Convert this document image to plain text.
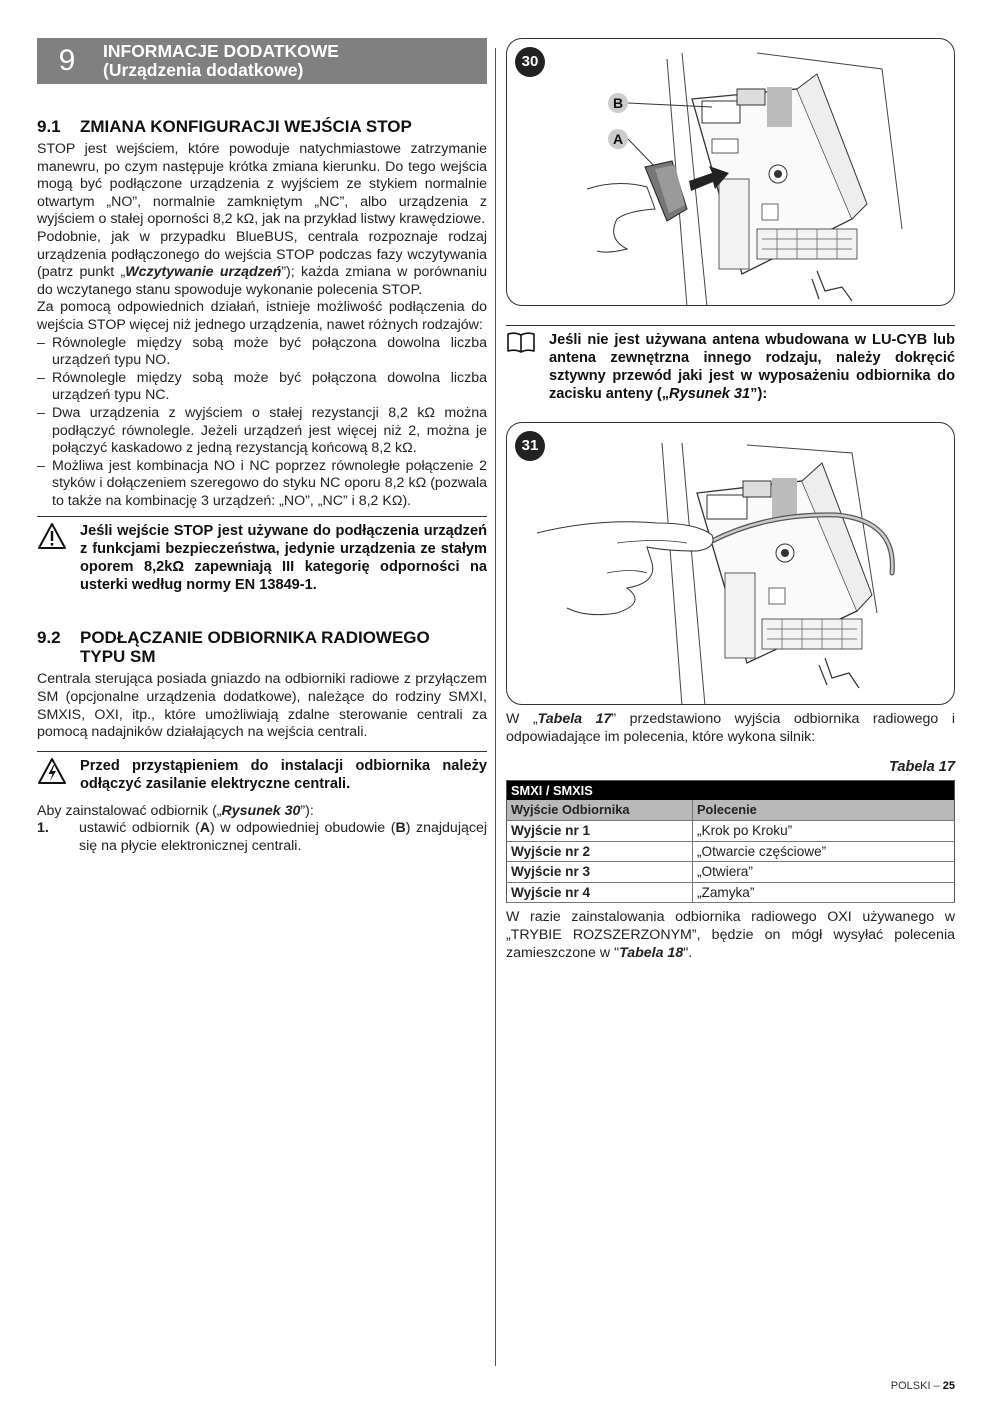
9	INFORMACJE DODATKOWE
(Urządzenia dodatkowe)
9.1	ZMIANA KONFIGURACJI WEJŚCIA STOP

STOP jest wejściem, które powoduje natychmiastowe zatrzymanie manewru, po czym następuje krótka zmiana kierunku. Do tego wejścia mogą być podłączone urządzenia z wyjściem ze stykiem normalnie otwartym „NO”, normalnie zamkniętym „NC”, albo urządzenia z wyjściem o stałej oporności 8,2 kΩ, jak na przykład listwy krawędziowe.

Podobnie, jak w przypadku BlueBUS, centrala rozpoznaje rodzaj urządzenia podłączonego do wejścia STOP podczas fazy wczytywania (patrz punkt „Wczytywanie urządzeń”); każda zmiana w porównaniu do wczytanego stanu spowoduje wykonanie polecenia STOP.

Za pomocą odpowiednich działań, istnieje możliwość podłączenia do wejścia STOP więcej niż jednego urządzenia, nawet różnych rodzajów:

– Równolegle między sobą może być połączona dowolna liczba urządzeń typu NO.
– Równolegle między sobą może być połączona dowolna liczba urządzeń typu NC.
– Dwa urządzenia z wyjściem o stałej rezystancji 8,2 kΩ można podłączyć równolegle. Jeżeli urządzeń jest więcej niż 2, można je połączyć kaskadowo z jedną rezystancją końcową 8,2 kΩ.
– Możliwa jest kombinacja NO i NC poprzez równoległe połączenie 2 styków i dołączeniem szeregowo do styku NC oporu 8,2 kΩ (pozwala to także na kombinację 3 urządzeń: „NO”, „NC” i 8,2 KΩ).
Jeśli wejście STOP jest używane do podłączenia urządzeń z funkcjami bezpieczeństwa, jedynie urządzenia ze stałym oporem 8,2kΩ zapewniają III kategorię odporności na usterki według normy EN 13849-1.
9.2	PODŁĄCZANIE ODBIORNIKA RADIOWEGO
TYPU SM

Centrala sterująca posiada gniazdo na odbiorniki radiowe z przyłączem SM (opcjonalne urządzenia dodatkowe), należące do rodziny SMXI, SMXIS, OXI, itp., które umożliwiają zdalne sterowanie centrali za pomocą nadajników działających na wejścia centrali.

Przed przystąpieniem do instalacji odbiornika należy odłączyć zasilanie elektryczne centrali.

Aby zainstalować odbiornik („Rysunek 30”):

1.	ustawić odbiornik (A) w odpowiedniej obudowie (B) znajdującej się na płycie elektronicznej centrali.
30
B
A
Jeśli nie jest używana antena wbudowana w LU-CYB lub antena zewnętrzna innego rodzaju, należy dokręcić sztywny przewód jaki jest w wyposażeniu odbiornika do zacisku anteny („Rysunek 31”):
31

W „Tabela 17” przedstawiono wyjścia odbiornika radiowego i odpowiadające im polecenia, które wykona silnik:

Tabela 17
SMXI / SMXIS	
Wyjście Odbiornika	Polecenie
Wyjście nr 1	„Krok po Kroku”
Wyjście nr 2	„Otwarcie częściowe”
Wyjście nr 3	„Otwiera”
Wyjście nr 4	„Zamyka”

W razie zainstalowania odbiornika radiowego OXI używanego w „TRYBIE ROZSZERZONYM”, będzie on mógł wysyłać polecenia zamieszczone w "Tabela 18".

POLSKI – 25
